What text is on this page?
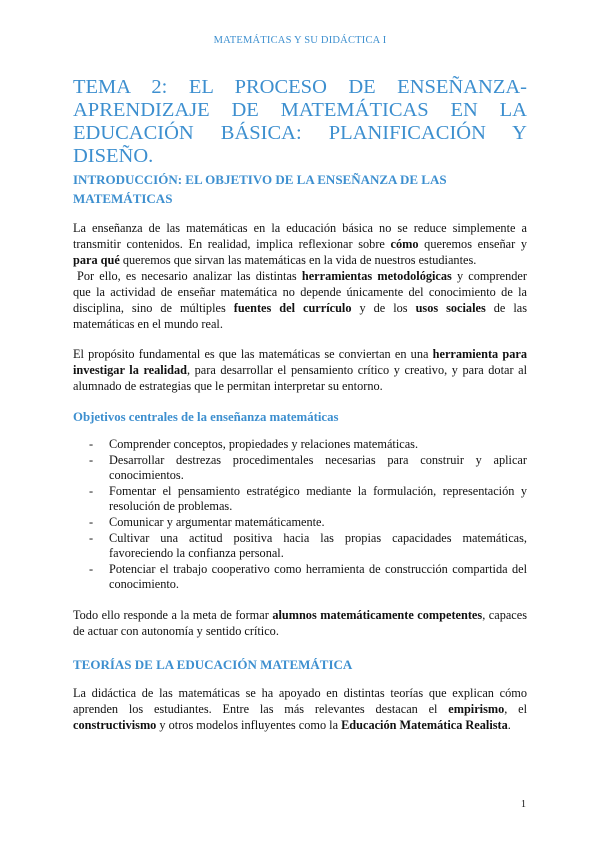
MATEMÁTICAS Y SU DIDÁCTICA I
TEMA 2: EL PROCESO DE ENSEÑANZA-APRENDIZAJE DE MATEMÁTICAS EN LA EDUCACIÓN BÁSICA: PLANIFICACIÓN Y DISEÑO.
INTRODUCCIÓN: EL OBJETIVO DE LA ENSEÑANZA DE LAS MATEMÁTICAS

La enseñanza de las matemáticas en la educación básica no se reduce simplemente a transmitir contenidos. En realidad, implica reflexionar sobre cómo queremos enseñar y para qué queremos que sirvan las matemáticas en la vida de nuestros estudiantes.

Por ello, es necesario analizar las distintas herramientas metodológicas y comprender que la actividad de enseñar matemática no depende únicamente del conocimiento de la disciplina, sino de múltiples fuentes del currículo y de los usos sociales de las matemáticas en el mundo real.

El propósito fundamental es que las matemáticas se conviertan en una herramienta para investigar la realidad, para desarrollar el pensamiento crítico y creativo, y para dotar al alumnado de estrategias que le permitan interpretar su entorno.

Objetivos centrales de la enseñanza matemáticas
- Comprender conceptos, propiedades y relaciones matemáticas.
- Desarrollar destrezas procedimentales necesarias para construir y aplicar conocimientos.
- Fomentar el pensamiento estratégico mediante la formulación, representación y resolución de problemas.
- Comunicar y argumentar matemáticamente.
- Cultivar una actitud positiva hacia las propias capacidades matemáticas, favoreciendo la confianza personal.
- Potenciar el trabajo cooperativo como herramienta de construcción compartida del conocimiento.

Todo ello responde a la meta de formar alumnos matemáticamente competentes, capaces de actuar con autonomía y sentido crítico.

TEORÍAS DE LA EDUCACIÓN MATEMÁTICA

La didáctica de las matemáticas se ha apoyado en distintas teorías que explican cómo aprenden los estudiantes. Entre las más relevantes destacan el empirismo, el constructivismo y otros modelos influyentes como la Educación Matemática Realista.

1
